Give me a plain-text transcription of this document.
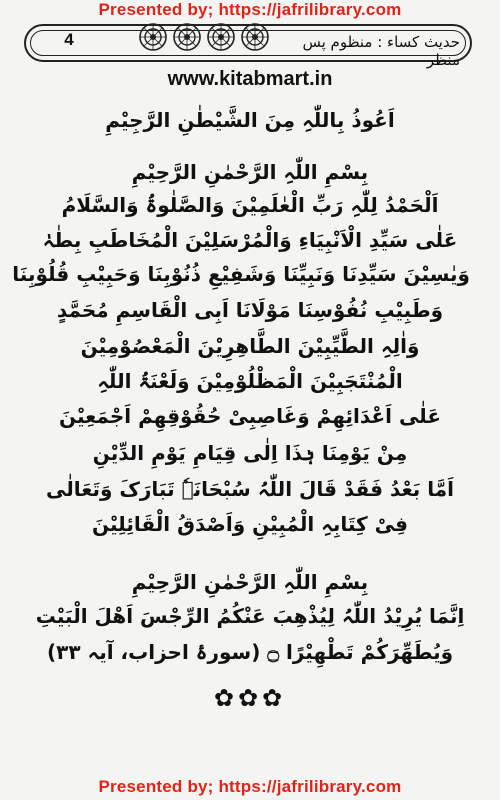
Presented by; https://jafrilibrary.com
4	حدیث کساء : منظوم پس منظر
www.kitabmart.in
اَعُوذُ بِاللّٰہِ مِنَ الشَّیْطٰنِ الرَّجِیْمِ
بِسْمِ اللّٰہِ الرَّحْمٰنِ الرَّحِیْمِ
اَلْحَمْدُ لِلّٰہِ رَبِّ الْعٰلَمِیْنَ وَالصَّلٰوۃُ وَالسَّلَامُ
عَلٰی سَیِّدِ الْاَنْبِیَاءِ وَالْمُرْسَلِیْنَ الْمُخَاطَبِ بِطٰہٰ
وَیٰسِیْنَ سَیِّدِنَا وَنَبِیِّنَا وَشَفِیْعِ ذُنُوْبِنَا وَحَبِیْبِ قُلُوْبِنَا
وَطَبِیْبِ نُفُوْسِنَا مَوْلَانَا اَبِی الْقَاسِمِ مُحَمَّدٍ
وَاٰلِہِ الطَّیِّبِیْنَ الطَّاهِرِیْنَ الْمَعْصُوْمِیْنَ
الْمُنْتَجَبِیْنَ الْمَظْلُوْمِیْنَ وَلَعْنَۃُ اللّٰہِ
عَلٰی اَعْدَائِهِمْ وَغَاصِبِیْ حُقُوْقِهِمْ اَجْمَعِیْنَ
مِنْ یَوْمِنَا ہٰذَا اِلٰی قِیَامِ یَوْمِ الدِّیْنِ
اَمَّا بَعْدُ فَقَدْ قَالَ اللّٰہُ سُبْحَانَہٗ تَبَارَکَ وَتَعَالٰی
فِیْ کِتَابِہِ الْمُبِیْنِ وَاَصْدَقُ الْقَائِلِیْنَ
بِسْمِ اللّٰہِ الرَّحْمٰنِ الرَّحِیْمِ
اِنَّمَا یُرِیْدُ اللّٰہُ لِیُذْهِبَ عَنْکُمُ الرِّجْسَ اَهْلَ الْبَیْتِ
وَیُطَهِّرَکُمْ تَطْهِیْرًا ۝ (سورۂ احزاب، آیہ ۳۳)
✿✿✿
Presented by; https://jafrilibrary.com
